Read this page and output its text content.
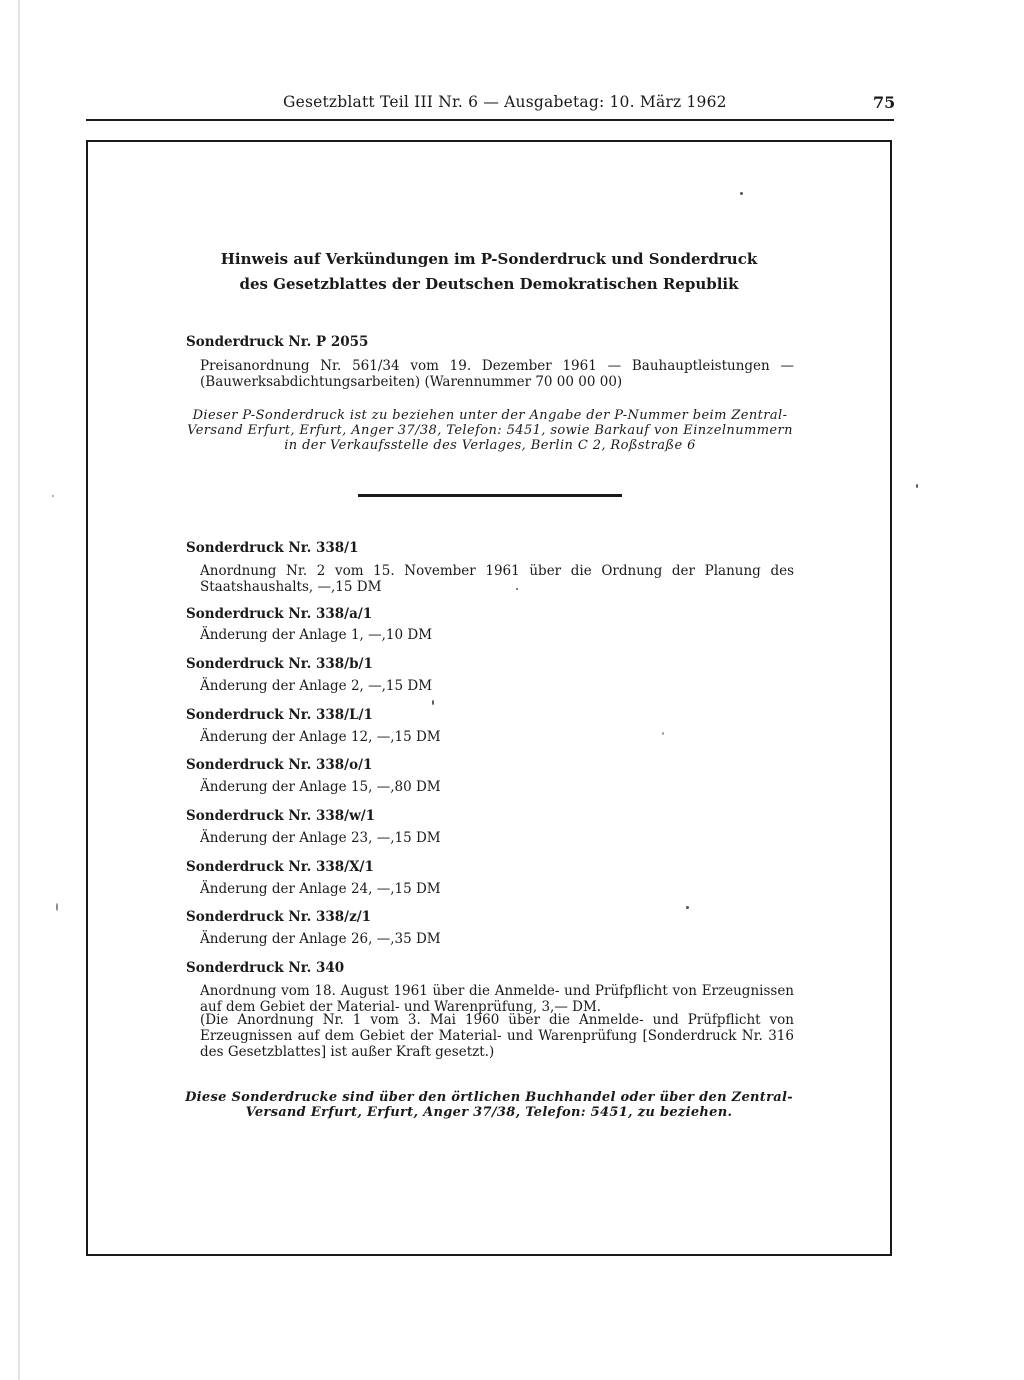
Gesetzblatt Teil III Nr. 6 — Ausgabetag: 10. März 1962	75
Hinweis auf Verkündungen im P-Sonderdruck und Sonderdruck
des Gesetzblattes der Deutschen Demokratischen Republik
Sonderdruck Nr. P 2055
Preisanordnung Nr. 561/34 vom 19. Dezember 1961 — Bauhauptleistungen — (Bauwerksabdichtungsarbeiten) (Warennummer 70 00 00 00)
Dieser P-Sonderdruck ist zu beziehen unter der Angabe der P-Nummer beim Zentral-Versand Erfurt, Erfurt, Anger 37/38, Telefon: 5451, sowie Barkauf von Einzelnummern in der Verkaufsstelle des Verlages, Berlin C 2, Roßstraße 6
Sonderdruck Nr. 338/1
Anordnung Nr. 2 vom 15. November 1961 über die Ordnung der Planung des Staatshaushalts, —,15 DM
Sonderdruck Nr. 338/a/1
Änderung der Anlage 1, —,10 DM
Sonderdruck Nr. 338/b/1
Änderung der Anlage 2, —,15 DM
Sonderdruck Nr. 338/L/1
Änderung der Anlage 12, —,15 DM
Sonderdruck Nr. 338/o/1
Änderung der Anlage 15, —,80 DM
Sonderdruck Nr. 338/w/1
Änderung der Anlage 23, —,15 DM
Sonderdruck Nr. 338/X/1
Änderung der Anlage 24, —,15 DM
Sonderdruck Nr. 338/z/1
Änderung der Anlage 26, —,35 DM
Sonderdruck Nr. 340
Anordnung vom 18. August 1961 über die Anmelde- und Prüfpflicht von Erzeugnissen auf dem Gebiet der Material- und Warenprüfung, 3,— DM.
(Die Anordnung Nr. 1 vom 3. Mai 1960 über die Anmelde- und Prüfpflicht von Erzeugnissen auf dem Gebiet der Material- und Warenprüfung [Sonderdruck Nr. 316 des Gesetzblattes] ist außer Kraft gesetzt.)
Diese Sonderdrucke sind über den örtlichen Buchhandel oder über den Zentral-Versand Erfurt, Erfurt, Anger 37/38, Telefon: 5451, zu beziehen.
